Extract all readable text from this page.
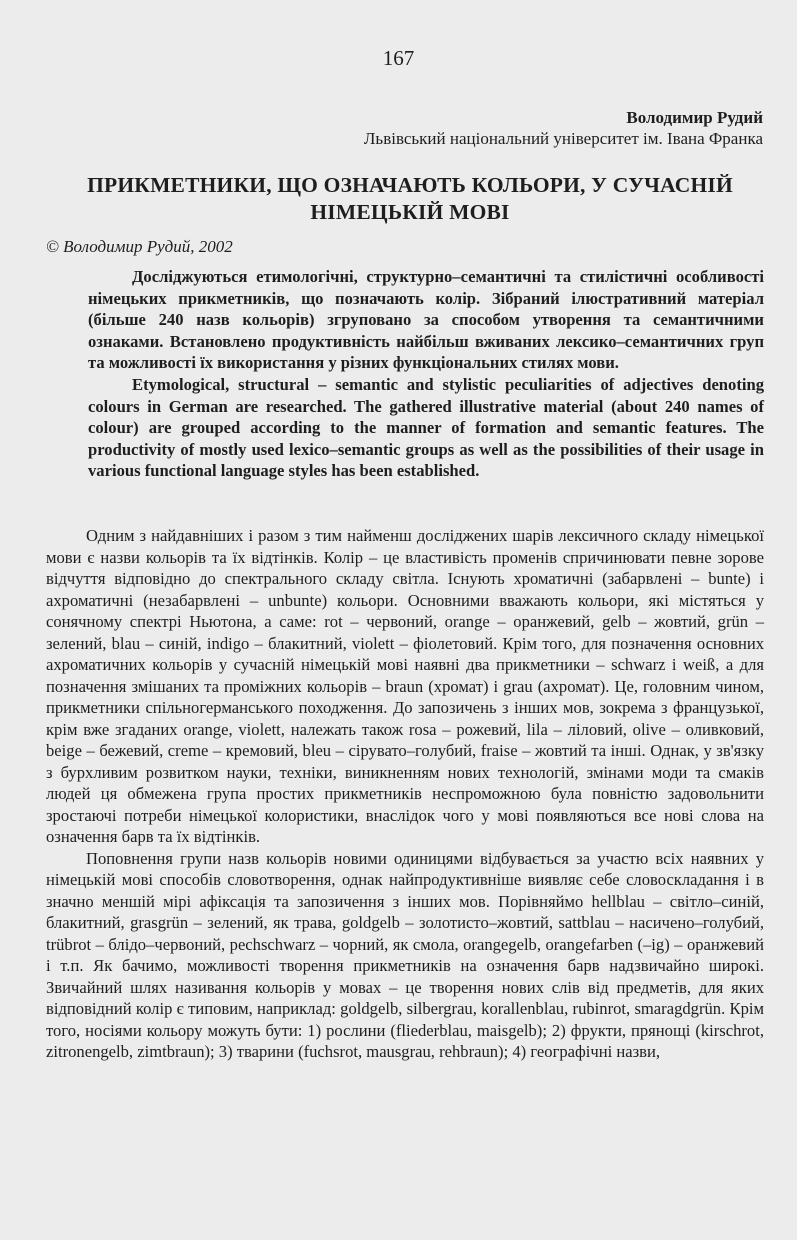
167
Володимир Рудий
Львівський національний університет ім. Івана Франка
ПРИКМЕТНИКИ, ЩО ОЗНАЧАЮТЬ КОЛЬОРИ, У СУЧАСНІЙ НІМЕЦЬКІЙ МОВІ
© Володимир Рудий, 2002

Досліджуються етимологічні, структурно–семантичні та стилістичні особливості німецьких прикметників, що позначають колір. Зібраний ілюстративний матеріал (більше 240 назв кольорів) згруповано за способом утворення та семантичними ознаками. Встановлено продуктивність найбільш вживаних лексико–семантичних груп та можливості їх використання у різних функціональних стилях мови.

Etymological, structural – semantic and stylistic peculiarities of adjectives denoting colours in German are researched. The gathered illustrative material (about 240 names of colour) are grouped according to the manner of formation and semantic features. The productivity of mostly used lexico–semantic groups as well as the possibilities of their usage in various functional language styles has been established.

Одним з найдавніших і разом з тим найменш досліджених шарів лексичного складу німецької мови є назви кольорів та їх відтінків. Колір – це властивість променів спричинювати певне зорове відчуття відповідно до спектрального складу світла. Існують хроматичні (забарвлені – bunte) і ахроматичні (незабарвлені – unbunte) кольори. Основними вважають кольори, які містяться у сонячному спектрі Ньютона, а саме: rot – червоний, orange – оранжевий, gelb – жовтий, grün – зелений, blau – синій, indigo – блакитний, violett – фіолетовий. Крім того, для позначення основних ахроматичних кольорів у сучасній німецькій мові наявні два прикметники – schwarz і weiß, а для позначення змішаних та проміжних кольорів – braun (хромат) і grau (ахромат). Це, головним чином, прикметники спільногерманського походження. До запозичень з інших мов, зокрема з французької, крім вже згаданих orange, violett, належать також rosa – рожевий, lila – ліловий, olive – оливковий, beige – бежевий, creme – кремовий, bleu – сірувато–голубий, fraise – жовтий та інші. Однак, у зв'язку з бурхливим розвитком науки, техніки, виникненням нових технологій, змінами моди та смаків людей ця обмежена група простих прикметників неспроможною була повністю задовольнити зростаючі потреби німецької колористики, внаслідок чого у мові появляються все нові слова на означення барв та їх відтінків.

Поповнення групи назв кольорів новими одиницями відбувається за участю всіх наявних у німецькій мові способів словотворення, однак найпродуктивніше виявляє себе словоскладання і в значно меншій мірі афіксація та запозичення з інших мов. Порівняймо hellblau – світло–синій, блакитний, grasgrün – зелений, як трава, goldgelb – золотисто–жовтий, sattblau – насичено–голубий, trübrot – блідо–червоний, pechschwarz – чорний, як смола, orangegelb, orangefarben (–ig) – оранжевий і т.п. Як бачимо, можливості творення прикметників на означення барв надзвичайно широкі. Звичайний шлях називання кольорів у мовах – це творення нових слів від предметів, для яких відповідний колір є типовим, наприклад: goldgelb, silbergrau, korallenblau, rubinrot, smaragdgrün. Крім того, носіями кольору можуть бути: 1) рослини (fliederblau, maisgelb); 2) фрукти, прянощі (kirschrot, zitronengelb, zimtbraun); 3) тварини (fuchsrot, mausgrau, rehbraun); 4) географічні назви,
